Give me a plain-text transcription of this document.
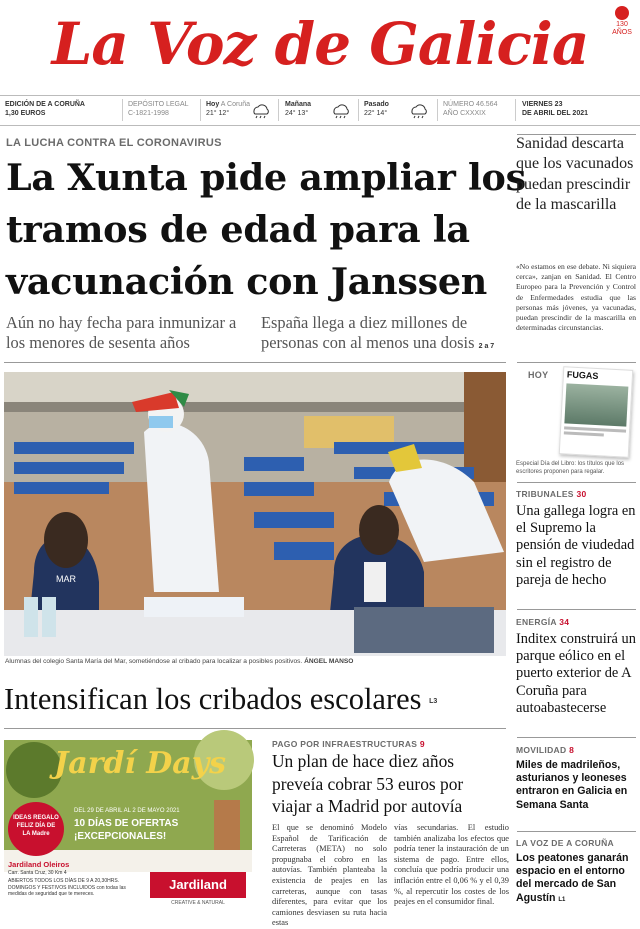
La Voz de Galicia	130 AÑOS
EDICIÓN DE A CORUÑA
1,30 EUROS
DEPÓSITO LEGAL
C-1821-1998
Hoy A Coruña
21° 12°
Mañana
24° 13°
Pasado
22° 14°
NÚMERO 46.564
AÑO CXXXIX
VIERNES 23
DE ABRIL DEL 2021
LA LUCHA CONTRA EL CORONAVIRUS
La Xunta pide ampliar los
tramos de edad para la
vacunación con Janssen
Aún no hay fecha para inmunizar a
los menores de sesenta años
España llega a diez millones de
personas con al menos una dosis 2 a 7
Sanidad descarta que los vacunados puedan prescindir de la mascarilla
«No estamos en ese debate. Ni siquiera cerca», zanjan en Sanidad. El Centro Europeo para la Prevención y Control de Enfermedades estudia que las personas más jóvenes, ya vacunadas, puedan prescindir de la mascarilla en determinadas circunstancias.
HOY	FUGAS
Especial Día del Libro: los títulos que los escritores proponen para regalar.
MAR
Alumnas del colegio Santa María del Mar, sometiéndose al cribado para localizar a posibles positivos. ÁNGEL MANSO
Intensifican los cribados escolares L3
TRIBUNALES 30
Una gallega logra en el Supremo la pensión de viudedad sin el registro de pareja de hecho
ENERGÍA 34
Inditex construirá un parque eólico en el puerto exterior de A Coruña para autoabastecerse
MOVILIDAD 8
Miles de madrileños, asturianos y leoneses entraron en Galicia en Semana Santa
LA VOZ DE A CORUÑA
Los peatones ganarán espacio en el entorno del mercado de San Agustín L1
PAGO POR INFRAESTRUCTURAS 9
Un plan de hace diez años
preveía cobrar 53 euros por
viajar a Madrid por autovía
El que se denominó Modelo Español de Tarificación de Carreteras (META) no solo propugnaba el cobro en las autovías. También planteaba la existencia de peajes en las carreteras, aunque con tasas diferentes, para evitar que los camiones desviasen su ruta hacia estas
vías secundarias. El estudio también analizaba los efectos que podría tener la instauración de un sistema de pago. Entre ellos, concluía que podría producir una inflación entre el 0,06 % y el 0,39 %, al repercutir los costes de los peajes en el consumidor final.
Jardí Days
IDEAS REGALO FELIZ DÍA DE LA Madre
DEL 29 DE ABRIL AL 2 DE MAYO 2021
10 DÍAS DE OFERTAS
¡EXCEPCIONALES!
Jardiland Oleiros
Carr. Santa Cruz, 30 Km 4
ABIERTOS TODOS LOS DÍAS DE 9 A 20,30HRS. DOMINGOS Y FESTIVOS INCLUIDOS con todas las medidas de seguridad que te mereces.
Jardiland
CREATIVE & NATURAL
